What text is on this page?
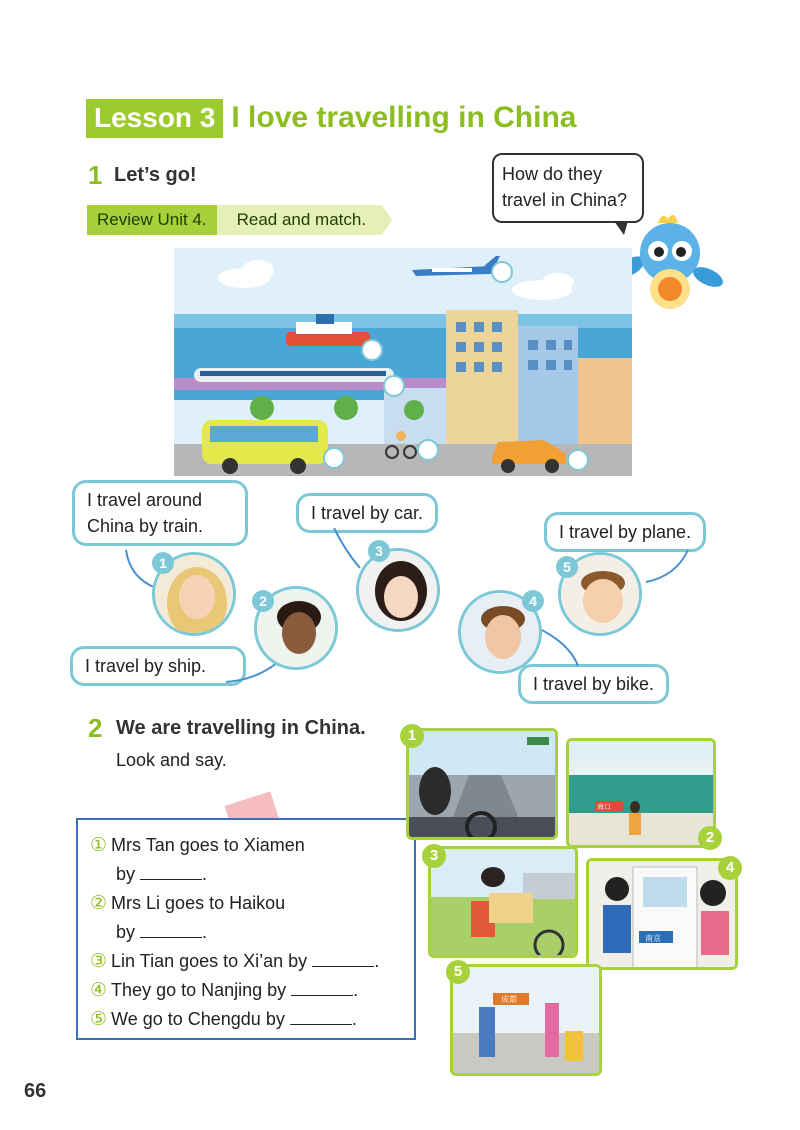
Lesson 3 I love travelling in China
1 Let’s go!
Review Unit 4.	Read and match.
How do they
travel in China?
I travel around
China by train.
I travel by car.
I travel by plane.
I travel by ship.
I travel by bike.
1
2
3
4
5
2 We are travelling in China.
Look and say.
① Mrs Tan goes to Xiamen
by	.
② Mrs Li goes to Haikou
by	.
③ Lin Tian goes to Xi’an by	.
④ They go to Nanjing by	.
⑤ We go to Chengdu by	.
1
海口
2
3
南京
4
成都
5
66
